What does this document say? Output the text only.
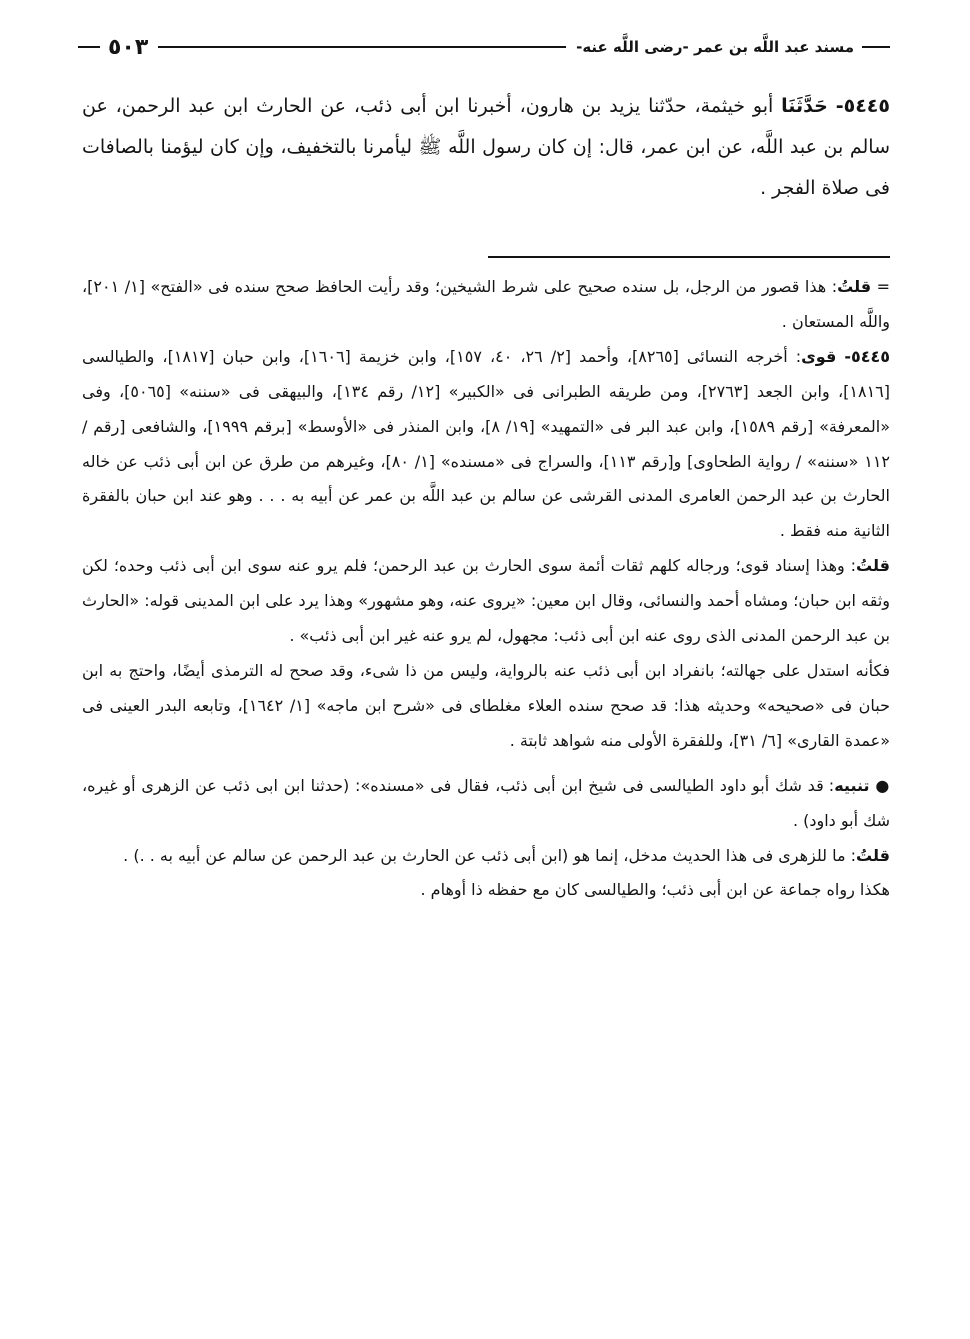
مسند عبد اللَّه بن عمر -رضى اللَّه عنه-
٥٠٣

٥٤٤٥- حَدَّثَنَا أبو خيثمة، حدّثنا يزيد بن هارون، أخبرنا ابن أبى ذئب، عن الحارث ابن عبد الرحمن، عن سالم بن عبد اللَّه، عن ابن عمر، قال: إن كان رسول اللَّه ﷺ ليأمرنا بالتخفيف، وإن كان ليؤمنا بالصافات فى صلاة الفجر .

= قلتُ: هذا قصور من الرجل، بل سنده صحيح على شرط الشيخين؛ وقد رأيت الحافظ صحح سنده فى «الفتح» [١/ ٢٠١]، واللَّه المستعان .

٥٤٤٥- قوى: أخرجه النسائى [٨٢٦٥]، وأحمد [٢/ ٢٦، ٤٠، ١٥٧]، وابن خزيمة [١٦٠٦]، وابن حبان [١٨١٧]، والطيالسى [١٨١٦]، وابن الجعد [٢٧٦٣]، ومن طريقه الطبرانى فى «الكبير» [١٢/ رقم ١٣٤]، والبيهقى فى «سننه» [٥٠٦٥]، وفى «المعرفة» [رقم ١٥٨٩]، وابن عبد البر فى «التمهيد» [١٩/ ٨]، وابن المنذر فى «الأوسط» [برقم ١٩٩٩]، والشافعى [رقم / ١١٢ «سننه» / رواية الطحاوى] و[رقم ١١٣]، والسراج فى «مسنده» [١/ ٨٠]، وغيرهم من طرق عن ابن أبى ذئب عن خاله الحارث بن عبد الرحمن العامرى المدنى القرشى عن سالم بن عبد اللَّه بن عمر عن أبيه به . . . وهو عند ابن حبان بالفقرة الثانية منه فقط .

قلتُ: وهذا إسناد قوى؛ ورجاله كلهم ثقات أئمة سوى الحارث بن عبد الرحمن؛ فلم يرو عنه سوى ابن أبى ذئب وحده؛ لكن وثقه ابن حبان؛ ومشاه أحمد والنسائى، وقال ابن معين: «يروى عنه، وهو مشهور» وهذا يرد على ابن المدينى قوله: «الحارث بن عبد الرحمن المدنى الذى روى عنه ابن أبى ذئب: مجهول، لم يرو عنه غير ابن أبى ذئب» .

فكأنه استدل على جهالته؛ بانفراد ابن أبى ذئب عنه بالرواية، وليس من ذا شىء، وقد صحح له الترمذى أيضًا، واحتج به ابن حبان فى «صحيحه» وحديثه هذا: قد صحح سنده العلاء مغلطاى فى «شرح ابن ماجه» [١/ ١٦٤٢]، وتابعه البدر العينى فى «عمدة القارى» [٦/ ٣١]، وللفقرة الأولى منه شواهد ثابتة .

● تنبيه: قد شك أبو داود الطيالسى فى شيخ ابن أبى ذئب، فقال فى «مسنده»: (حدثنا ابن ابى ذئب عن الزهرى أو غيره، شك أبو داود) .

قلتُ: ما للزهرى فى هذا الحديث مدخل، إنما هو (ابن أبى ذئب عن الحارث بن عبد الرحمن عن سالم عن أبيه به . .) .

هكذا رواه جماعة عن ابن أبى ذئب؛ والطيالسى كان مع حفظه ذا أوهام .
